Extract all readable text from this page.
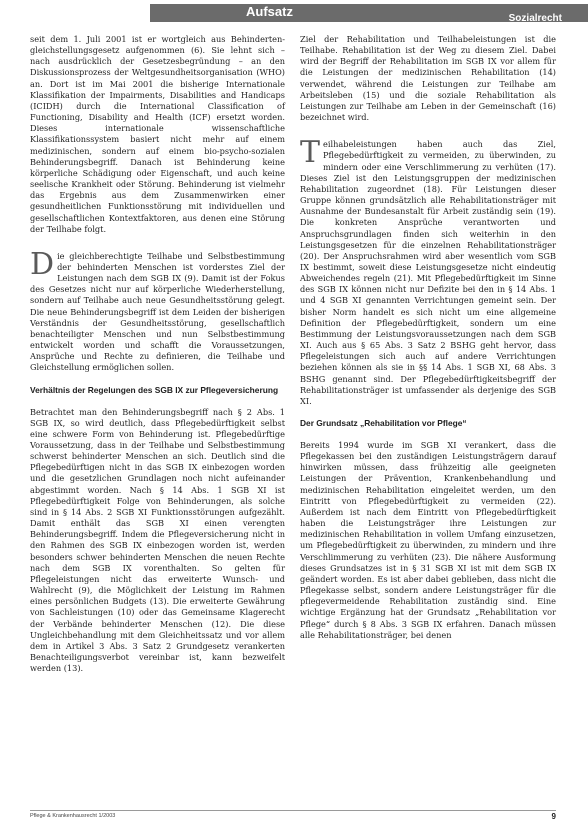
Aufsatz	Sozialrecht

seit dem 1. Juli 2001 ist er wortgleich aus Behinderten-gleichstellungsgesetz aufgenommen (6). Sie lehnt sich – nach ausdrücklich der Gesetzesbegründung – an den Diskussionsprozess der Weltgesundheitsorganisation (WHO) an. Dort ist im Mai 2001 die bisherige Internationale Klassifikation der Impairments, Disabilities and Handicaps (ICIDH) durch die International Classification of Functioning, Disability and Health (ICF) ersetzt worden. Dieses internationale wissenschaftliche Klassifikationssystem basiert nicht mehr auf einem medizinischen, sondern auf einem bio-psycho-sozialen Behinderungsbegriff. Danach ist Behinderung keine körperliche Schädigung oder Eigenschaft, und auch keine seelische Krankheit oder Störung. Behinderung ist vielmehr das Ergebnis aus dem Zusammenwirken einer gesundheitlichen Funktionsstörung mit individuellen und gesellschaftlichen Kontextfaktoren, aus denen eine Störung der Teilhabe folgt.

Die gleichberechtigte Teilhabe und Selbstbestimmung der behinderten Menschen ist vorderstes Ziel der Leistungen nach dem SGB IX (9). Damit ist der Fokus des Gesetzes nicht nur auf körperliche Wiederherstellung, sondern auf Teilhabe auch neue Gesundheitsstörung gelegt. Die neue Behinderungsbegriff ist dem Leiden der bisherigen Verständnis der Gesundheitsstörung, gesellschaftlich benachteiligter Menschen und nun Selbstbestimmung entwickelt worden und schafft die Voraussetzungen, Ansprüche und Rechte zu definieren, die Teilhabe und Gleichstellung ermöglichen sollen.

Verhältnis der Regelungen des SGB IX zur Pflegeversicherung

Betrachtet man den Behinderungsbegriff nach § 2 Abs. 1 SGB IX, so wird deutlich, dass Pflegebedürftigkeit selbst eine schwere Form von Behinderung ist. Pflegebedürftige Voraussetzung, dass in der Teilhabe und Selbstbestimmung schwerst behinderter Menschen an sich. Deutlich sind die Pflegebedürftigen nicht in das SGB IX einbezogen worden und die gesetzlichen Grundlagen noch nicht aufeinander abgestimmt worden. Nach § 14 Abs. 1 SGB XI ist Pflegebedürftigkeit Folge von Behinderungen, als solche sind in § 14 Abs. 2 SGB XI Funktionsstörungen aufgezählt. Damit enthält das SGB XI einen verengten Behinderungsbegriff. Indem die Pflegeversicherung nicht in den Rahmen des SGB IX einbezogen worden ist, werden besonders schwer behinderten Menschen die neuen Rechte nach dem SGB IX vorenthalten. So gelten für Pflegeleistungen nicht das erweiterte Wunsch- und Wahlrecht (9), die Möglichkeit der Leistung im Rahmen eines persönlichen Budgets (13). Die erweiterte Gewährung von Sachleistungen (10) oder das Gemeinsame Klagerecht der Verbände behinderter Menschen (12). Die diese Ungleichbehandlung mit dem Gleichheitssatz und vor allem dem in Artikel 3 Abs. 3 Satz 2 Grundgesetz verankerten Benachteiligungsverbot vereinbar ist, kann bezweifelt werden (13).

Ziel der Rehabilitation und Teilhabeleistungen ist die Teilhabe. Rehabilitation ist der Weg zu diesem Ziel. Dabei wird der Begriff der Rehabilitation im SGB IX vor allem für die Leistungen der medizinischen Rehabilitation (14) verwendet, während die Leistungen zur Teilhabe am Arbeitsleben (15) und die soziale Rehabilitation als Leistungen zur Teilhabe am Leben in der Gemeinschaft (16) bezeichnet wird.

Teilhabeleistungen haben auch das Ziel, Pflegebedürftigkeit zu vermeiden, zu überwinden, zu mindern oder eine Verschlimmerung zu verhüten (17). Dieses Ziel ist den Leistungsgruppen der medizinischen Rehabilitation zugeordnet (18). Für Leistungen dieser Gruppe können grundsätzlich alle Rehabilitationsträger mit Ausnahme der Bundesanstalt für Arbeit zuständig sein (19). Die konkreten Ansprüche verantworten und Anspruchsgrundlagen finden sich weiterhin in den Leistungsgesetzen für die einzelnen Rehabilitationsträger (20). Der Anspruchsrahmen wird aber wesentlich vom SGB IX bestimmt, soweit diese Leistungsgesetze nicht eindeutig Abweichendes regeln (21). Mit Pflegebedürftigkeit im Sinne des SGB IX können nicht nur Defizite bei den in § 14 Abs. 1 und 4 SGB XI genannten Verrichtungen gemeint sein. Der bisher Norm handelt es sich nicht um eine allgemeine Definition der Pflegebedürftigkeit, sondern um eine Bestimmung der Leistungsvoraussetzungen nach dem SGB XI. Auch aus § 65 Abs. 3 Satz 2 BSHG geht hervor, dass Pflegeleistungen sich auch auf andere Verrichtungen beziehen können als sie in §§ 14 Abs. 1 SGB XI, 68 Abs. 3 BSHG genannt sind. Der Pflegebedürftigkeitsbegriff der Rehabilitationsträger ist umfassender als derjenige des SGB XI.

Der Grundsatz „Rehabilitation vor Pflege“

Bereits 1994 wurde im SGB XI verankert, dass die Pflegekassen bei den zuständigen Leistungsträgern darauf hinwirken müssen, dass frühzeitig alle geeigneten Leistungen der Prävention, Krankenbehandlung und medizinischen Rehabilitation eingeleitet werden, um den Eintritt von Pflegebedürftigkeit zu vermeiden (22). Außerdem ist nach dem Eintritt von Pflegebedürftigkeit haben die Leistungsträger ihre Leistungen zur medizinischen Rehabilitation in vollem Umfang einzusetzen, um Pflegebedürftigkeit zu überwinden, zu mindern und ihre Verschlimmerung zu verhüten (23). Die nähere Ausformung dieses Grundsatzes ist in § 31 SGB XI ist mit dem SGB IX geändert worden. Es ist aber dabei geblieben, dass nicht die Pflegekasse selbst, sondern andere Leistungsträger für die pflegevermeidende Rehabilitation zuständig sind. Eine wichtige Ergänzung hat der Grundsatz „Rehabilitation vor Pflege“ durch § 8 Abs. 3 SGB IX erfahren. Danach müssen alle Rehabilitationsträger, bei denen

Pflege & Krankenhausrecht 1/2003	9
